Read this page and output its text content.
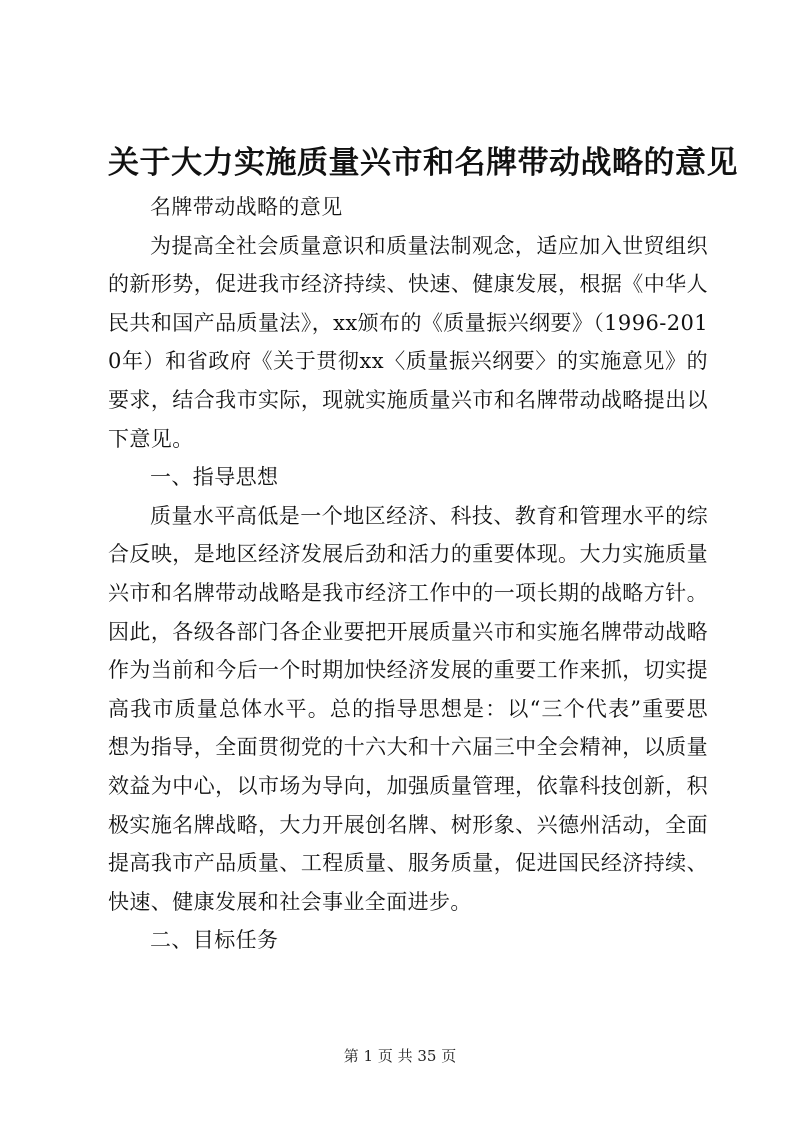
关于大力实施质量兴市和名牌带动战略的意见

名牌带动战略的意见

为提高全社会质量意识和质量法制观念，适应加入世贸组织的新形势，促进我市经济持续、快速、健康发展，根据《中华人民共和国产品质量法》，xx颁布的《质量振兴纲要》（1996-2010年）和省政府《关于贯彻xx〈质量振兴纲要〉的实施意见》的要求，结合我市实际，现就实施质量兴市和名牌带动战略提出以下意见。

一、指导思想

质量水平高低是一个地区经济、科技、教育和管理水平的综合反映，是地区经济发展后劲和活力的重要体现。大力实施质量兴市和名牌带动战略是我市经济工作中的一项长期的战略方针。因此，各级各部门各企业要把开展质量兴市和实施名牌带动战略作为当前和今后一个时期加快经济发展的重要工作来抓，切实提高我市质量总体水平。总的指导思想是：以“三个代表”重要思想为指导，全面贯彻党的十六大和十六届三中全会精神，以质量效益为中心，以市场为导向，加强质量管理，依靠科技创新，积极实施名牌战略，大力开展创名牌、树形象、兴德州活动，全面提高我市产品质量、工程质量、服务质量，促进国民经济持续、快速、健康发展和社会事业全面进步。

二、目标任务

第 1 页 共 35 页
